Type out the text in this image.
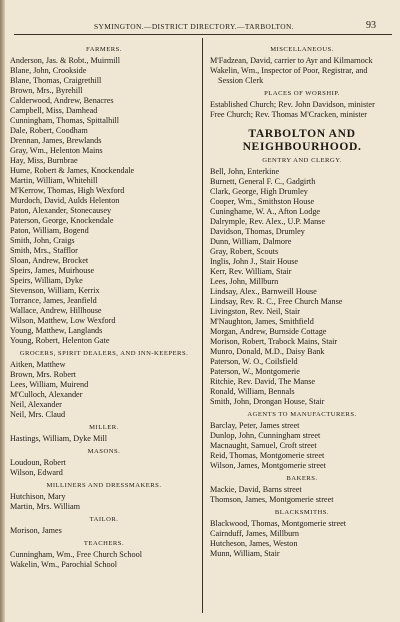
SYMINGTON.—DISTRICT DIRECTORY.—TARBOLTON.	93
FARMERS.
Anderson, Jas. & Robt., Muirmill
Blane, John, Crookside
Blane, Thomas, Craigrethill
Brown, Mrs., Byrehill
Calderwood, Andrew, Benacres
Campbell, Miss, Damhead
Cunningham, Thomas, Spittalhill
Dale, Robert, Coodham
Drennan, James, Brewlands
Gray, Wm., Helenton Mains
Hay, Miss, Burnbrae
Hume, Robert & James, Knockendale
Martin, William, Whitehill
M'Kerrow, Thomas, High Wexford
Murdoch, David, Aulds Helenton
Paton, Alexander, Stonecausey
Paterson, George, Knockendale
Paton, William, Bogend
Smith, John, Craigs
Smith, Mrs., Stafflor
Sloan, Andrew, Brocket
Speirs, James, Muirhouse
Speirs, William, Dyke
Stevenson, William, Kerrix
Torrance, James, Jeanfield
Wallace, Andrew, Hillhouse
Wilson, Matthew, Low Wexford
Young, Matthew, Langlands
Young, Robert, Helenton Gate
GROCERS, SPIRIT DEALERS, AND INN-KEEPERS.
Aitken, Matthew
Brown, Mrs. Robert
Lees, William, Muirend
M'Culloch, Alexander
Neil, Alexander
Neil, Mrs. Claud
MILLER.
Hastings, William, Dyke Mill
MASONS.
Loudoun, Robert
Wilson, Edward
MILLINERS AND DRESSMAKERS.
Hutchison, Mary
Martin, Mrs. William
TAILOR.
Morison, James
TEACHERS.
Cunningham, Wm., Free Church School
Wakelin, Wm., Parochial School
MISCELLANEOUS.
M'Fadzean, David, carrier to Ayr and Kilmarnock
Wakelin, Wm., Inspector of Poor, Registrar, and Session Clerk
PLACES OF WORSHIP.
Established Church; Rev. John Davidson, minister
Free Church; Rev. Thomas M'Cracken, minister
TARBOLTON AND NEIGHBOURHOOD.
GENTRY AND CLERGY.
Bell, John, Enterkine
Burnett, General F. C., Gadgirth
Clark, George, High Drumley
Cooper, Wm., Smithston House
Cuninghame, W. A., Afton Lodge
Dalrymple, Rev. Alex., U.P. Manse
Davidson, Thomas, Drumley
Dunn, William, Dalmore
Gray, Robert, Scouts
Inglis, John J., Stair House
Kerr, Rev. William, Stair
Lees, John, Millburn
Lindsay, Alex., Barnweill House
Lindsay, Rev. R. C., Free Church Manse
Livingston, Rev. Neil, Stair
M'Naughton, James, Smithfield
Morgan, Andrew, Burnside Cottage
Morison, Robert, Trabock Mains, Stair
Munro, Donald, M.D., Daisy Bank
Paterson, W. O., Coilsfield
Paterson, W., Montgomerie
Ritchie, Rev. David, The Manse
Ronald, William, Bennals
Smith, John, Drongan House, Stair
AGENTS TO MANUFACTURERS.
Barclay, Peter, James street
Dunlop, John, Cunningham street
Macnaught, Samuel, Croft street
Reid, Thomas, Montgomerie street
Wilson, James, Montgomerie street
BAKERS.
Mackie, David, Barns street
Thomson, James, Montgomerie street
BLACKSMITHS.
Blackwood, Thomas, Montgomerie street
Cairnduff, James, Millburn
Hutcheson, James, Weston
Munn, William, Stair
